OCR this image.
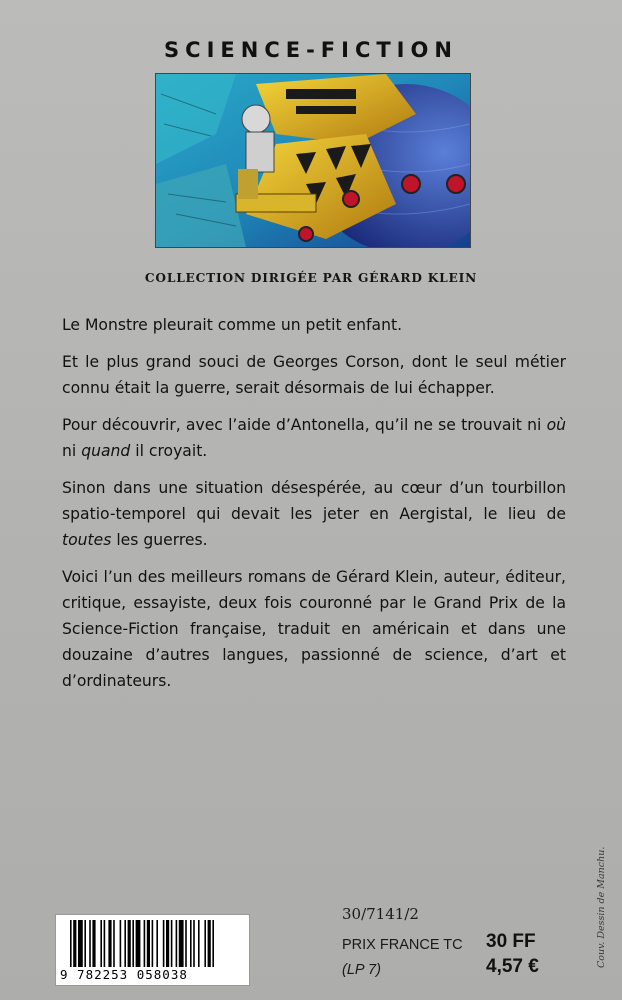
SCIENCE-FICTION
COLLECTION DIRIGÉE PAR GÉRARD KLEIN

Le Monstre pleurait comme un petit enfant.

Et le plus grand souci de Georges Corson, dont le seul métier connu était la guerre, serait désormais de lui échapper.

Pour découvrir, avec l’aide d’Antonella, qu’il ne se trouvait ni où ni quand il croyait.

Sinon dans une situation désespérée, au cœur d’un tourbillon spatio-temporel qui devait les jeter en Aergistal, le lieu de toutes les guerres.

Voici l’un des meilleurs romans de Gérard Klein, auteur, éditeur, critique, essayiste, deux fois couronné par le Grand Prix de la Science-Fiction française, traduit en américain et dans une douzaine d’autres langues, passionné de science, d’art et d’ordinateurs.

9 782253 058038
30/7141/2
PRIX FRANCE TC 30 FF
(LP 7)	4,57 €	Couv. Dessin de Manchu.
